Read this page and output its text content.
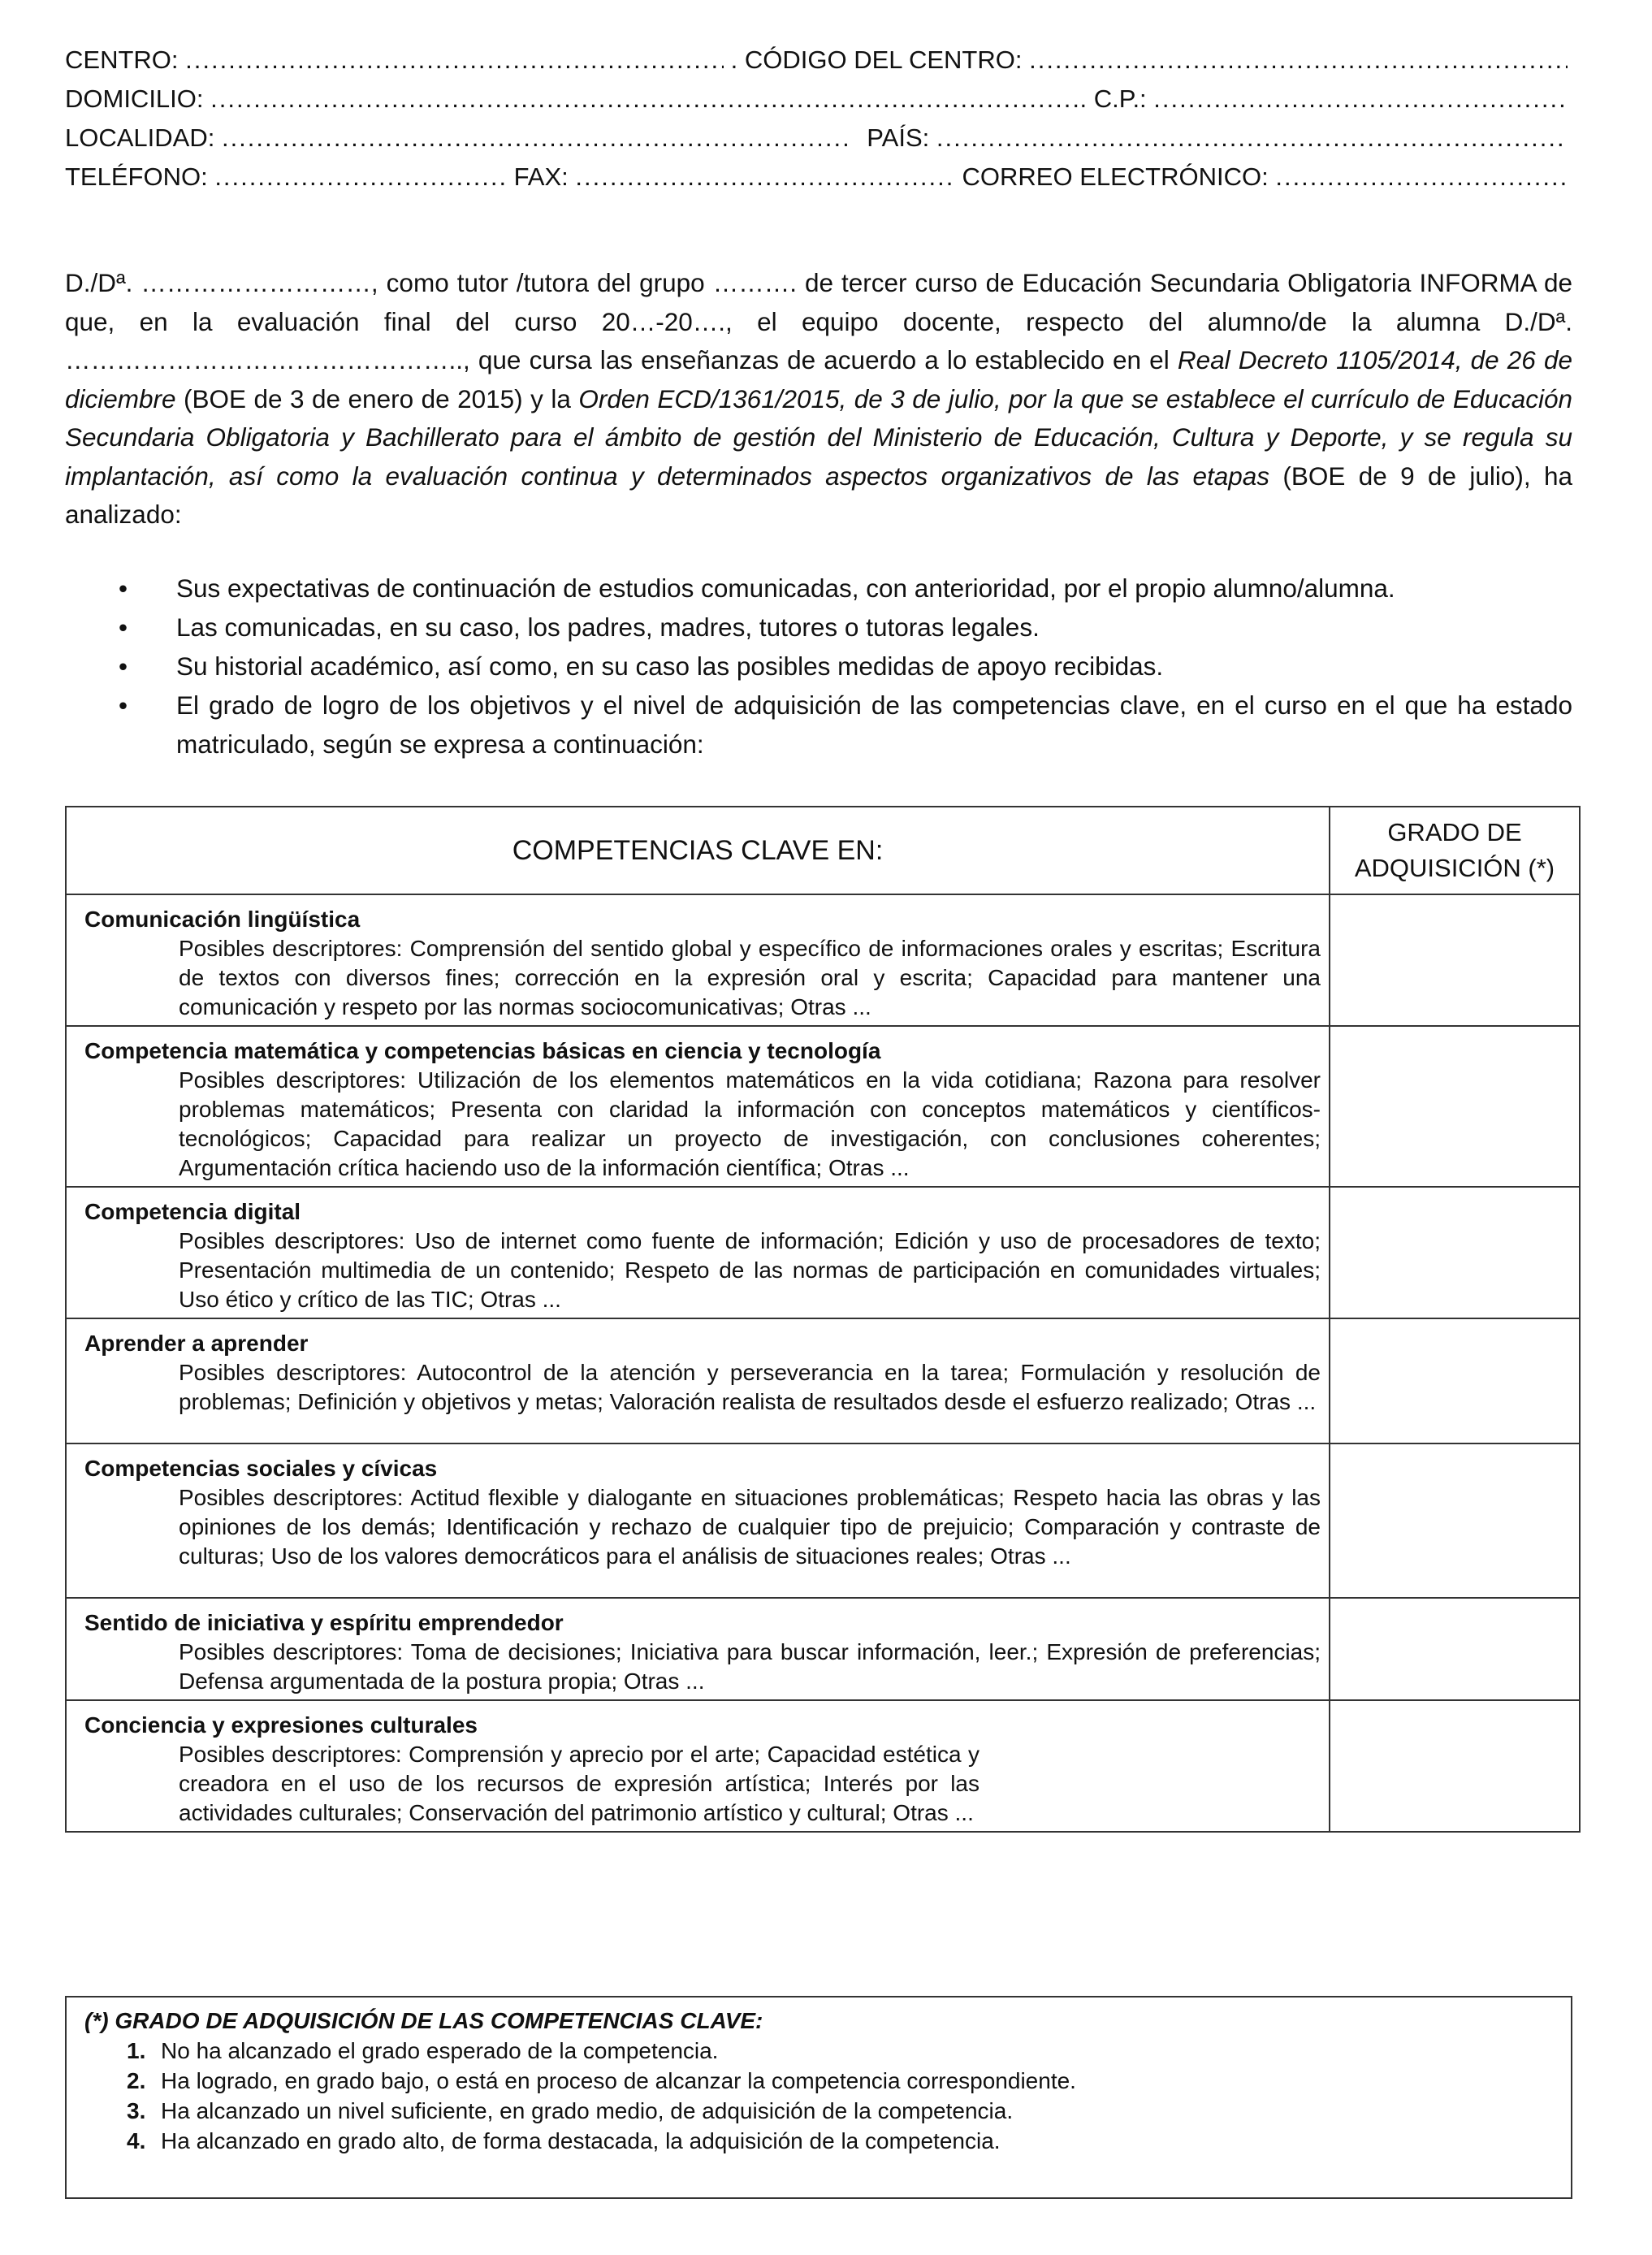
CENTRO: .....	. CÓDIGO DEL CENTRO:
.....
DOMICILIO: .....	. C.P.:
.....
LOCALIDAD: .....	PAÍS:
.....
TELÉFONO: .....	FAX: .....	CORREO ELECTRÓNICO:
.....
D./Dª. ………………………, como tutor /tutora del grupo ………. de tercer curso de Educación Secundaria Obligatoria INFORMA de que, en la evaluación final del curso 20…-20…., el equipo docente, respecto del alumno/de la alumna D./Dª. ……………………………………….., que cursa las enseñanzas de acuerdo a lo establecido en el Real Decreto 1105/2014, de 26 de diciembre (BOE de 3 de enero de 2015) y la Orden ECD/1361/2015, de 3 de julio, por la que se establece el currículo de Educación Secundaria Obligatoria y Bachillerato para el ámbito de gestión del Ministerio de Educación, Cultura y Deporte, y se regula su implantación, así como la evaluación continua y determinados aspectos organizativos de las etapas (BOE de 9 de julio), ha analizado:
• Sus expectativas de continuación de estudios comunicadas, con anterioridad, por el propio alumno/alumna.
• Las comunicadas, en su caso, los padres, madres, tutores o tutoras legales.
• Su historial académico, así como, en su caso las posibles medidas de apoyo recibidas.
• El grado de logro de los objetivos y el nivel de adquisición de las competencias clave, en el curso en el que ha estado matriculado, según se expresa a continuación:
COMPETENCIAS CLAVE EN:	GRADO DE ADQUISICIÓN (*)

Comunicación lingüística
Posibles descriptores: Comprensión del sentido global y específico de informaciones orales y escritas; Escritura de textos con diversos fines; corrección en la expresión oral y escrita; Capacidad para mantener una comunicación y respeto por las normas sociocomunicativas; Otras ...	

Competencia matemática y competencias básicas en ciencia y tecnología
Posibles descriptores: Utilización de los elementos matemáticos en la vida cotidiana; Razona para resolver problemas matemáticos; Presenta con claridad la información con conceptos matemáticos y científicos-tecnológicos; Capacidad para realizar un proyecto de investigación, con conclusiones coherentes; Argumentación crítica haciendo uso de la información científica; Otras ...	

Competencia digital
Posibles descriptores: Uso de internet como fuente de información; Edición y uso de procesadores de texto; Presentación multimedia de un contenido; Respeto de las normas de participación en comunidades virtuales; Uso ético y crítico de las TIC; Otras ...	

Aprender a aprender
Posibles descriptores: Autocontrol de la atención y perseverancia en la tarea; Formulación y resolución de problemas; Definición y objetivos y metas; Valoración realista de resultados desde el esfuerzo realizado; Otras ...	

Competencias sociales y cívicas
Posibles descriptores: Actitud flexible y dialogante en situaciones problemáticas; Respeto hacia las obras y las opiniones de los demás; Identificación y rechazo de cualquier tipo de prejuicio; Comparación y contraste de culturas; Uso de los valores democráticos para el análisis de situaciones reales; Otras ...	

Sentido de iniciativa y espíritu emprendedor
Posibles descriptores: Toma de decisiones; Iniciativa para buscar información, leer.; Expresión de preferencias; Defensa argumentada de la postura propia; Otras ...	

Conciencia y expresiones culturales
Posibles descriptores: Comprensión y aprecio por el arte; Capacidad estética y creadora en el uso de los recursos de expresión artística; Interés por las actividades culturales; Conservación del patrimonio artístico y cultural; Otras ...	

(*) GRADO DE ADQUISICIÓN DE LAS COMPETENCIAS CLAVE:
1. No ha alcanzado el grado esperado de la competencia.
2. Ha logrado, en grado bajo, o está en proceso de alcanzar la competencia correspondiente.
3. Ha alcanzado un nivel suficiente, en grado medio, de adquisición de la competencia.
4. Ha alcanzado en grado alto, de forma destacada, la adquisición de la competencia.
